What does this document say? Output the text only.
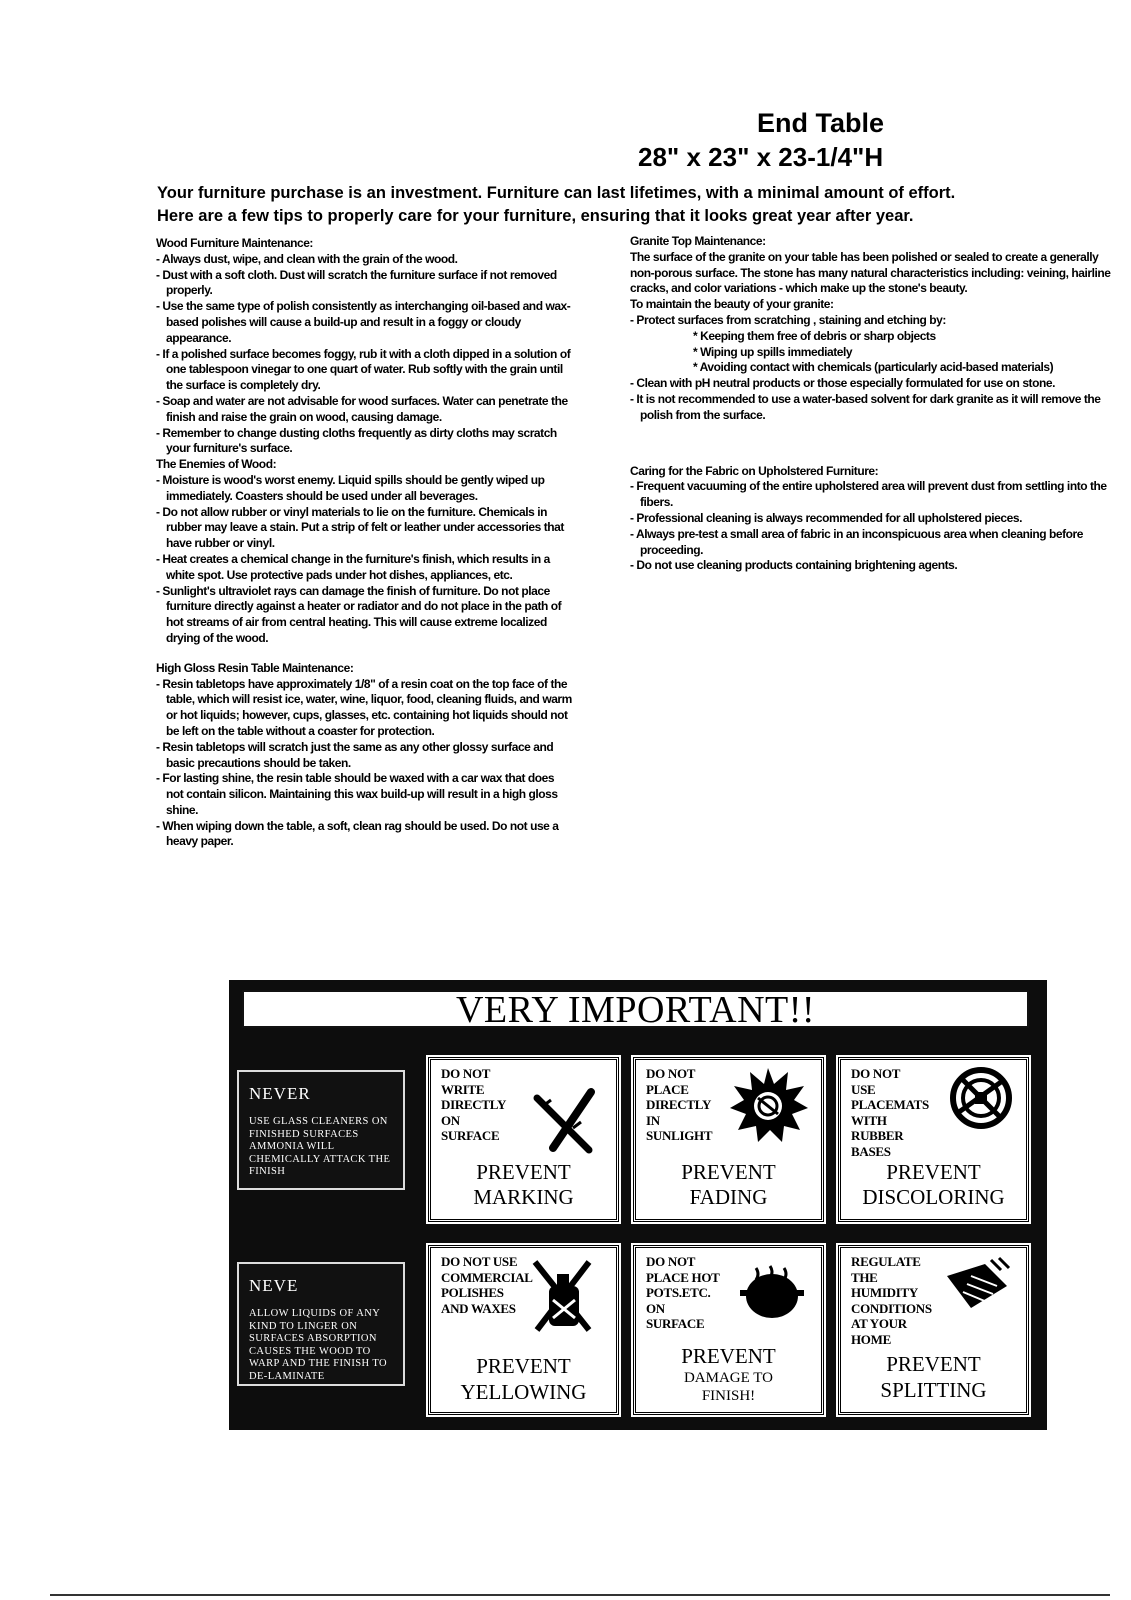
End Table
28" x 23" x 23-1/4"H
Your furniture purchase is an investment. Furniture can last lifetimes, with a minimal amount of effort.
Here are a few tips to properly care for your furniture, ensuring that it looks great year after year.
Wood Furniture Maintenance:
- Always dust, wipe, and clean with the grain of the wood.
- Dust with a soft cloth. Dust will scratch the furniture surface if not removed properly.
- Use the same type of polish consistently as interchanging oil-based and wax-based polishes will cause a build-up and result in a foggy or cloudy appearance.
- If a polished surface becomes foggy, rub it with a cloth dipped in a solution of one tablespoon vinegar to one quart of water. Rub softly with the grain until the surface is completely dry.
- Soap and water are not advisable for wood surfaces. Water can penetrate the finish and raise the grain on wood, causing damage.
- Remember to change dusting cloths frequently as dirty cloths may scratch your furniture's surface.
The Enemies of Wood:
- Moisture is wood's worst enemy. Liquid spills should be gently wiped up immediately. Coasters should be used under all beverages.
- Do not allow rubber or vinyl materials to lie on the furniture. Chemicals in rubber may leave a stain. Put a strip of felt or leather under accessories that have rubber or vinyl.
- Heat creates a chemical change in the furniture's finish, which results in a white spot. Use protective pads under hot dishes, appliances, etc.
- Sunlight's ultraviolet rays can damage the finish of furniture. Do not place furniture directly against a heater or radiator and do not place in the path of hot streams of air from central heating. This will cause extreme localized drying of the wood.
High Gloss Resin Table Maintenance:
- Resin tabletops have approximately 1/8" of a resin coat on the top face of the table, which will resist ice, water, wine, liquor, food, cleaning fluids, and warm or hot liquids; however, cups, glasses, etc. containing hot liquids should not be left on the table without a coaster for protection.
- Resin tabletops will scratch just the same as any other glossy surface and basic precautions should be taken.
- For lasting shine, the resin table should be waxed with a car wax that does not contain silicon. Maintaining this wax build-up will result in a high gloss shine.
- When wiping down the table, a soft, clean rag should be used. Do not use a heavy paper.
Granite Top Maintenance:
The surface of the granite on your table has been polished or sealed to create a generally non-porous surface. The stone has many natural characteristics including: veining, hairline cracks, and color variations - which make up the stone's beauty.
To maintain the beauty of your granite:
- Protect surfaces from scratching , staining and etching by:
* Keeping them free of debris or sharp objects
* Wiping up spills immediately
* Avoiding contact with chemicals (particularly acid-based materials)
- Clean with pH neutral products or those especially formulated for use on stone.
- It is not recommended to use a water-based solvent for dark granite as it will remove the polish from the surface.
Caring for the Fabric on Upholstered Furniture:
- Frequent vacuuming of the entire upholstered area will prevent dust from settling into the fibers.
- Professional cleaning is always recommended for all upholstered pieces.
- Always pre-test a small area of fabric in an inconspicuous area when cleaning before proceeding.
- Do not use cleaning products containing brightening agents.
VERY IMPORTANT!!
NEVER
USE GLASS CLEANERS ON FINISHED SURFACES AMMONIA WILL CHEMICALLY ATTACK THE FINISH
NEVE
ALLOW LIQUIDS OF ANY KIND TO LINGER ON SURFACES ABSORPTION CAUSES THE WOOD TO WARP AND THE FINISH TO DE-LAMINATE
DO NOT
WRITE
DIRECTLY
ON
SURFACE
PREVENT
MARKING
DO NOT
PLACE
DIRECTLY
IN
SUNLIGHT
PREVENT
FADING
DO NOT
USE
PLACEMATS
WITH
RUBBER
BASES
PREVENT
DISCOLORING
DO NOT USE
COMMERCIAL
POLISHES
AND WAXES
PREVENT
YELLOWING
DO NOT
PLACE HOT
POTS.ETC.
ON
SURFACE
PREVENT
DAMAGE TO
FINISH!
REGULATE
THE
HUMIDITY
CONDITIONS
AT YOUR
HOME
PREVENT
SPLITTING
